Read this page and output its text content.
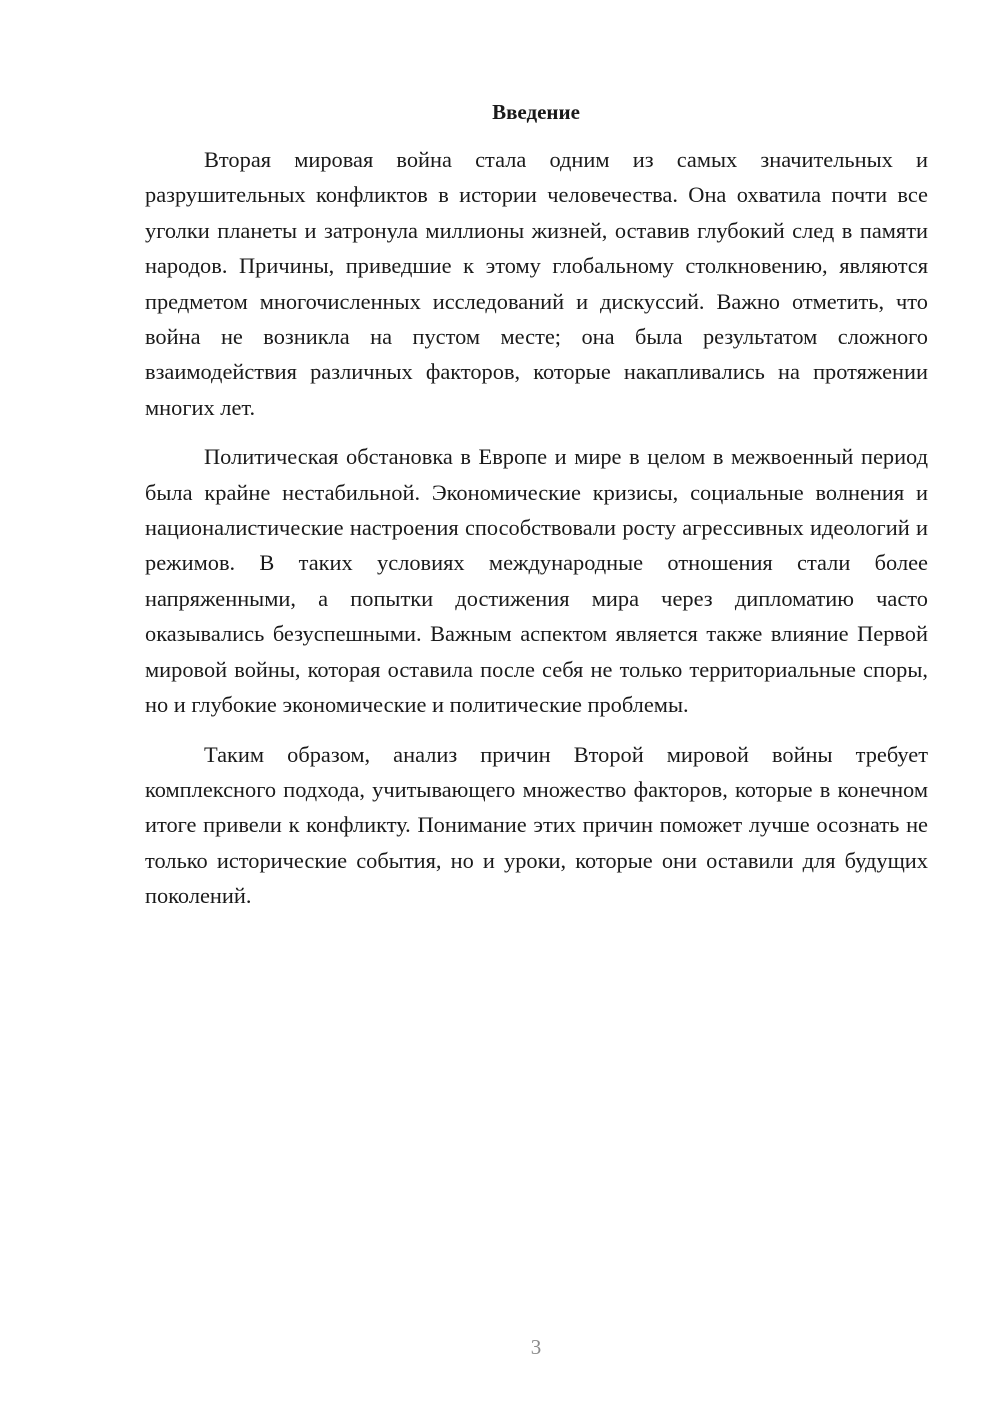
Введение

Вторая мировая война стала одним из самых значительных и разрушительных конфликтов в истории человечества. Она охватила почти все уголки планеты и затронула миллионы жизней, оставив глубокий след в памяти народов. Причины, приведшие к этому глобальному столкновению, являются предметом многочисленных исследований и дискуссий. Важно отметить, что война не возникла на пустом месте; она была результатом сложного взаимодействия различных факторов, которые накапливались на протяжении многих лет.

Политическая обстановка в Европе и мире в целом в межвоенный период была крайне нестабильной. Экономические кризисы, социальные волнения и националистические настроения способствовали росту агрессивных идеологий и режимов. В таких условиях международные отношения стали более напряженными, а попытки достижения мира через дипломатию часто оказывались безуспешными. Важным аспектом является также влияние Первой мировой войны, которая оставила после себя не только территориальные споры, но и глубокие экономические и политические проблемы.

Таким образом, анализ причин Второй мировой войны требует комплексного подхода, учитывающего множество факторов, которые в конечном итоге привели к конфликту. Понимание этих причин поможет лучше осознать не только исторические события, но и уроки, которые они оставили для будущих поколений.

3
